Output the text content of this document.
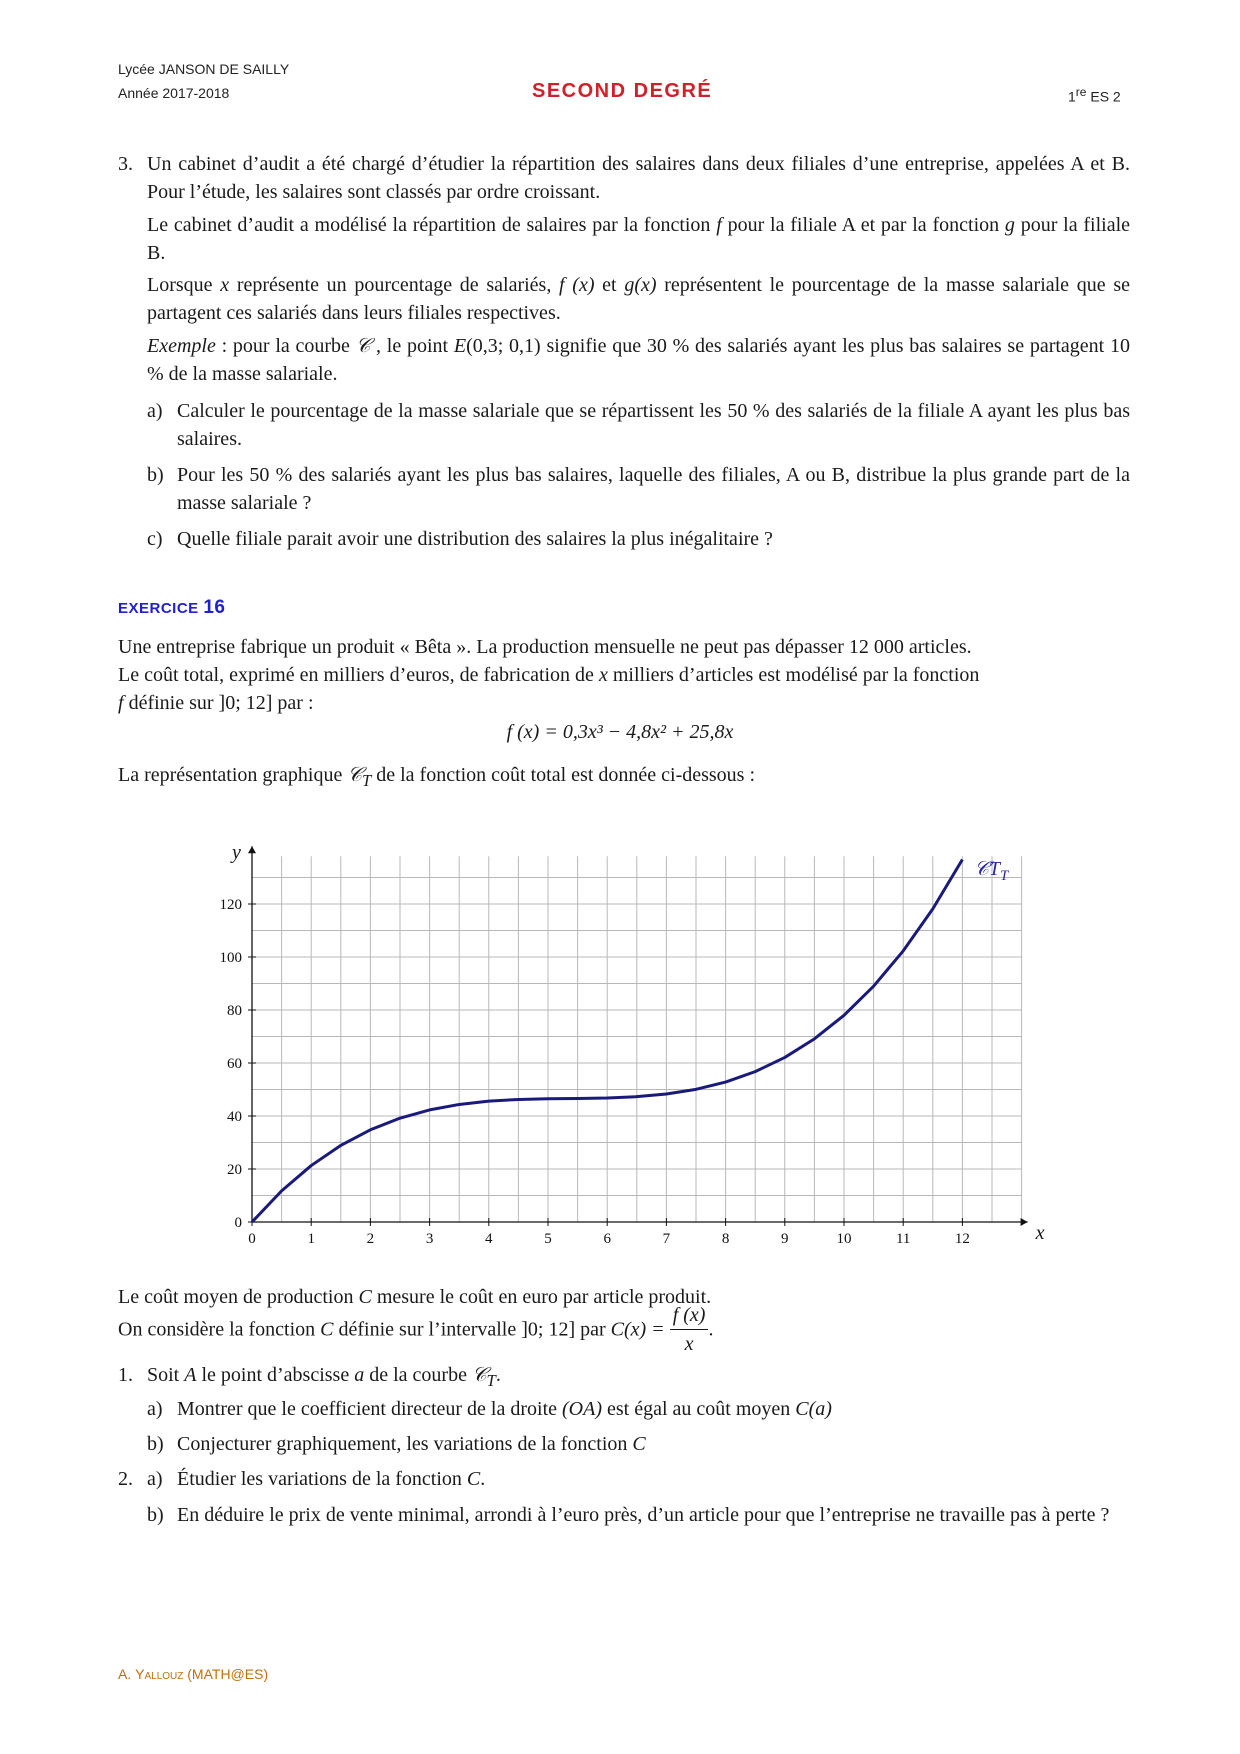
Lycée JANSON DE SAILLY
Année 2017-2018	SECOND DEGRÉ	1re ES 2
3. Un cabinet d’audit a été chargé d’étudier la répartition des salaires dans deux filiales d’une entreprise, appelées A et B. Pour l’étude, les salaires sont classés par ordre croissant.
Le cabinet d’audit a modélisé la répartition de salaires par la fonction f pour la filiale A et par la fonction g pour la filiale B.
Lorsque x représente un pourcentage de salariés, f (x) et g(x) représentent le pourcentage de la masse salariale que se partagent ces salariés dans leurs filiales respectives.
Exemple : pour la courbe 𝒞 , le point E(0,3; 0,1) signifie que 30 % des salariés ayant les plus bas salaires se partagent 10 % de la masse salariale.
a) Calculer le pourcentage de la masse salariale que se répartissent les 50 % des salariés de la filiale A ayant les plus bas salaires.
b) Pour les 50 % des salariés ayant les plus bas salaires, laquelle des filiales, A ou B, distribue la plus grande part de la masse salariale ?
c) Quelle filiale parait avoir une distribution des salaires la plus inégalitaire ?
EXERCICE 16
Une entreprise fabrique un produit « Bêta ». La production mensuelle ne peut pas dépasser 12 000 articles.
Le coût total, exprimé en milliers d’euros, de fabrication de x milliers d’articles est modélisé par la fonction
f définie sur ]0; 12] par :
f (x) = 0,3x³ − 4,8x² + 25,8x
La représentation graphique 𝒞$_T$ de la fonction coût total est donnée ci-dessous :
0	1	2	3	4	5	6	7	8	9	10	11	12
0
20
40
60
80
100
120
𝒞T$_T$
x
y
Le coût moyen de production C mesure le coût en euro par article produit.
On considère la fonction C définie sur l’intervalle ]0; 12] par $C(x) = \frac{f (x)}{x}$ .
1. Soit A le point d’abscisse a de la courbe 𝒞$_T$.
a) Montrer que le coefficient directeur de la droite (OA) est égal au coût moyen C(a)
b) Conjecturer graphiquement, les variations de la fonction C
2. a) Étudier les variations de la fonction C.
b) En déduire le prix de vente minimal, arrondi à l’euro près, d’un article pour que l’entreprise ne travaille pas à perte ?
A. Yallouz (MATH@ES)
